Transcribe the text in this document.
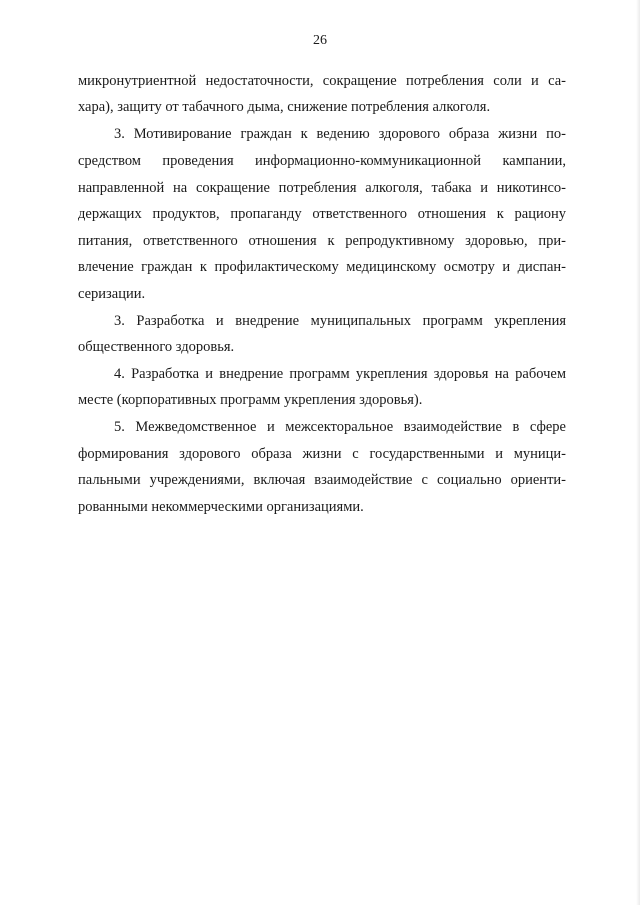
26
микронутриентной недостаточности, сокращение потребления соли и са-
хара), защиту от табачного дыма, снижение потребления алкоголя.
3. Мотивирование граждан к ведению здорового образа жизни по-
средством проведения информационно-коммуникационной кампании,
направленной на сокращение потребления алкоголя, табака и никотинсо-
держащих продуктов, пропаганду ответственного отношения к рациону
питания, ответственного отношения к репродуктивному здоровью, при-
влечение граждан к профилактическому медицинскому осмотру и диспан-
серизации.
3. Разработка и внедрение муниципальных программ укрепления
общественного здоровья.
4. Разработка и внедрение программ укрепления здоровья на рабочем
месте (корпоративных программ укрепления здоровья).
5. Межведомственное и межсекторальное взаимодействие в сфере
формирования здорового образа жизни с государственными и муници-
пальными учреждениями, включая взаимодействие с социально ориенти-
рованными некоммерческими организациями.
